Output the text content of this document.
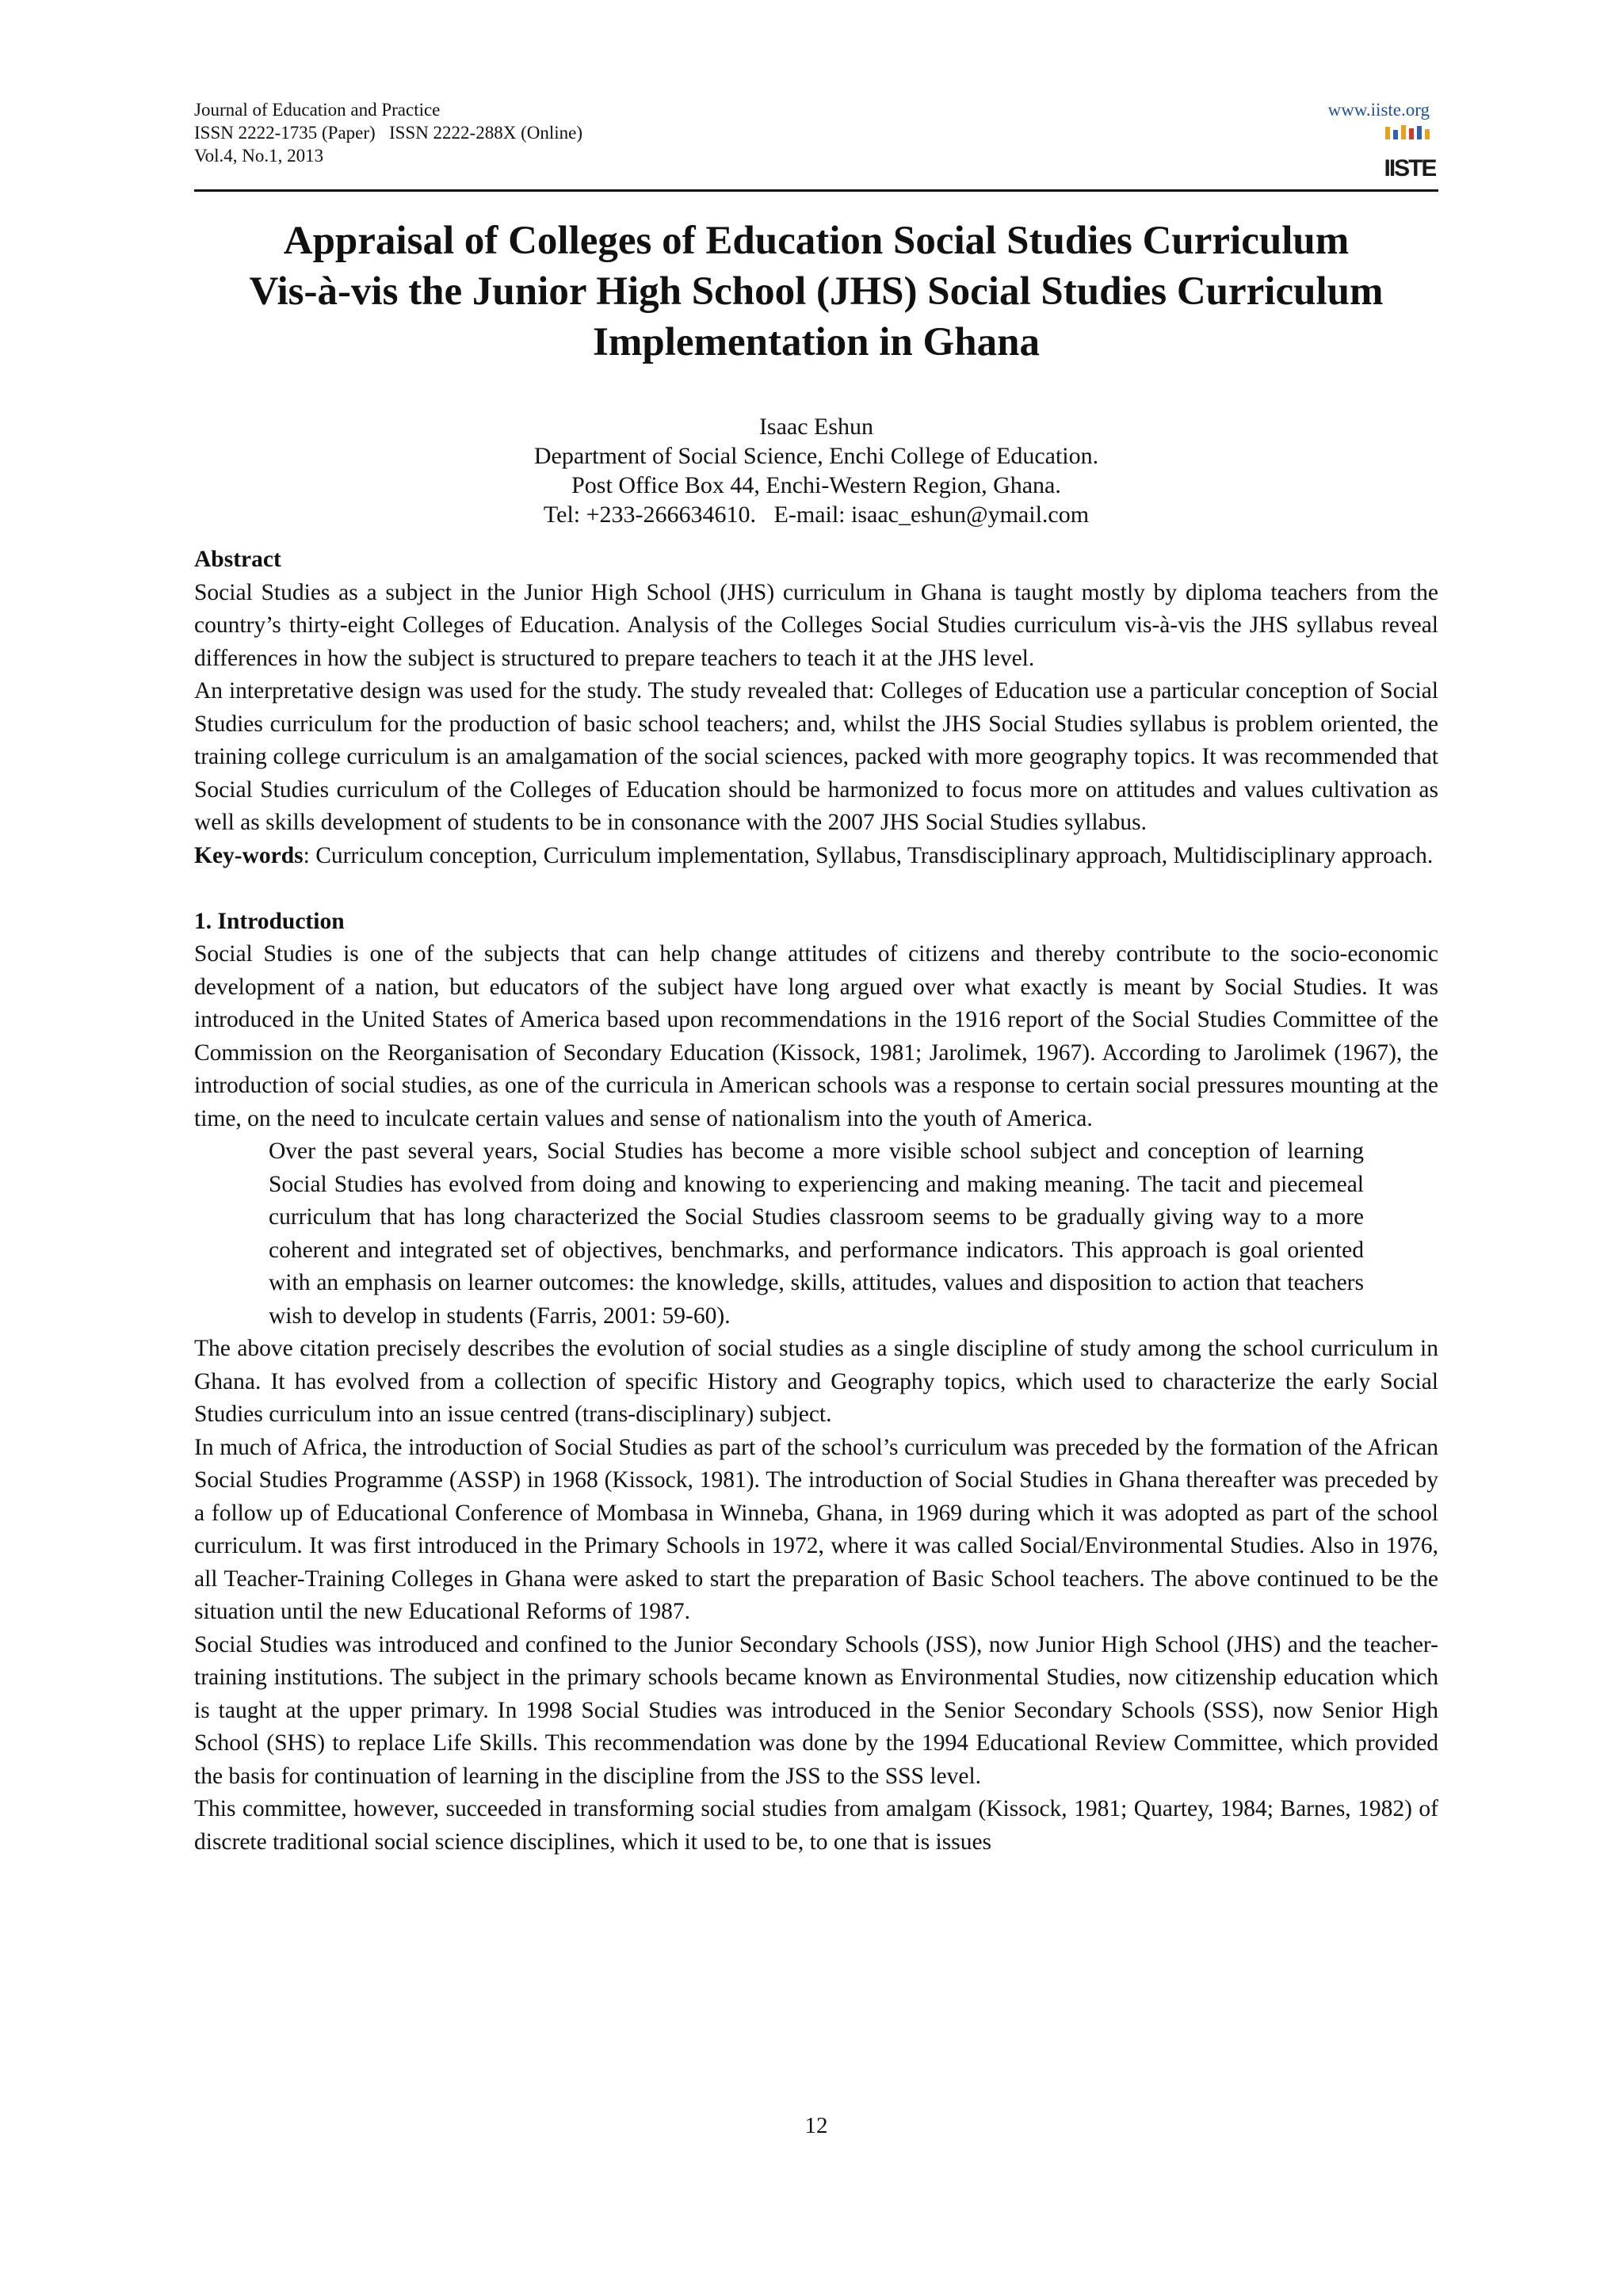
Journal of Education and Practice
ISSN 2222-1735 (Paper)   ISSN 2222-288X (Online)
Vol.4, No.1, 2013
www.iiste.org
IISTE
Appraisal of Colleges of Education Social Studies Curriculum
Vis-à-vis the Junior High School (JHS) Social Studies Curriculum
Implementation in Ghana
Isaac Eshun
Department of Social Science, Enchi College of Education.
Post Office Box 44, Enchi-Western Region, Ghana.
Tel: +233-266634610.   E-mail: isaac_eshun@ymail.com

Abstract

Social Studies as a subject in the Junior High School (JHS) curriculum in Ghana is taught mostly by diploma teachers from the country’s thirty-eight Colleges of Education. Analysis of the Colleges Social Studies curriculum vis-à-vis the JHS syllabus reveal differences in how the subject is structured to prepare teachers to teach it at the JHS level.

An interpretative design was used for the study. The study revealed that: Colleges of Education use a particular conception of Social Studies curriculum for the production of basic school teachers; and, whilst the JHS Social Studies syllabus is problem oriented, the training college curriculum is an amalgamation of the social sciences, packed with more geography topics. It was recommended that Social Studies curriculum of the Colleges of Education should be harmonized to focus more on attitudes and values cultivation as well as skills development of students to be in consonance with the 2007 JHS Social Studies syllabus.

Key-words: Curriculum conception, Curriculum implementation, Syllabus, Transdisciplinary approach, Multidisciplinary approach.

1. Introduction

Social Studies is one of the subjects that can help change attitudes of citizens and thereby contribute to the socio-economic development of a nation, but educators of the subject have long argued over what exactly is meant by Social Studies. It was introduced in the United States of America based upon recommendations in the 1916 report of the Social Studies Committee of the Commission on the Reorganisation of Secondary Education (Kissock, 1981; Jarolimek, 1967). According to Jarolimek (1967), the introduction of social studies, as one of the curricula in American schools was a response to certain social pressures mounting at the time, on the need to inculcate certain values and sense of nationalism into the youth of America.

Over the past several years, Social Studies has become a more visible school subject and conception of learning Social Studies has evolved from doing and knowing to experiencing and making meaning. The tacit and piecemeal curriculum that has long characterized the Social Studies classroom seems to be gradually giving way to a more coherent and integrated set of objectives, benchmarks, and performance indicators. This approach is goal oriented with an emphasis on learner outcomes: the knowledge, skills, attitudes, values and disposition to action that teachers wish to develop in students (Farris, 2001: 59-60).

The above citation precisely describes the evolution of social studies as a single discipline of study among the school curriculum in Ghana. It has evolved from a collection of specific History and Geography topics, which used to characterize the early Social Studies curriculum into an issue centred (trans-disciplinary) subject.

In much of Africa, the introduction of Social Studies as part of the school’s curriculum was preceded by the formation of the African Social Studies Programme (ASSP) in 1968 (Kissock, 1981). The introduction of Social Studies in Ghana thereafter was preceded by a follow up of Educational Conference of Mombasa in Winneba, Ghana, in 1969 during which it was adopted as part of the school curriculum. It was first introduced in the Primary Schools in 1972, where it was called Social/Environmental Studies. Also in 1976, all Teacher-Training Colleges in Ghana were asked to start the preparation of Basic School teachers. The above continued to be the situation until the new Educational Reforms of 1987.

Social Studies was introduced and confined to the Junior Secondary Schools (JSS), now Junior High School (JHS) and the teacher-training institutions. The subject in the primary schools became known as Environmental Studies, now citizenship education which is taught at the upper primary. In 1998 Social Studies was introduced in the Senior Secondary Schools (SSS), now Senior High School (SHS) to replace Life Skills. This recommendation was done by the 1994 Educational Review Committee, which provided the basis for continuation of learning in the discipline from the JSS to the SSS level.

This committee, however, succeeded in transforming social studies from amalgam (Kissock, 1981; Quartey, 1984; Barnes, 1982) of discrete traditional social science disciplines, which it used to be, to one that is issues

12
